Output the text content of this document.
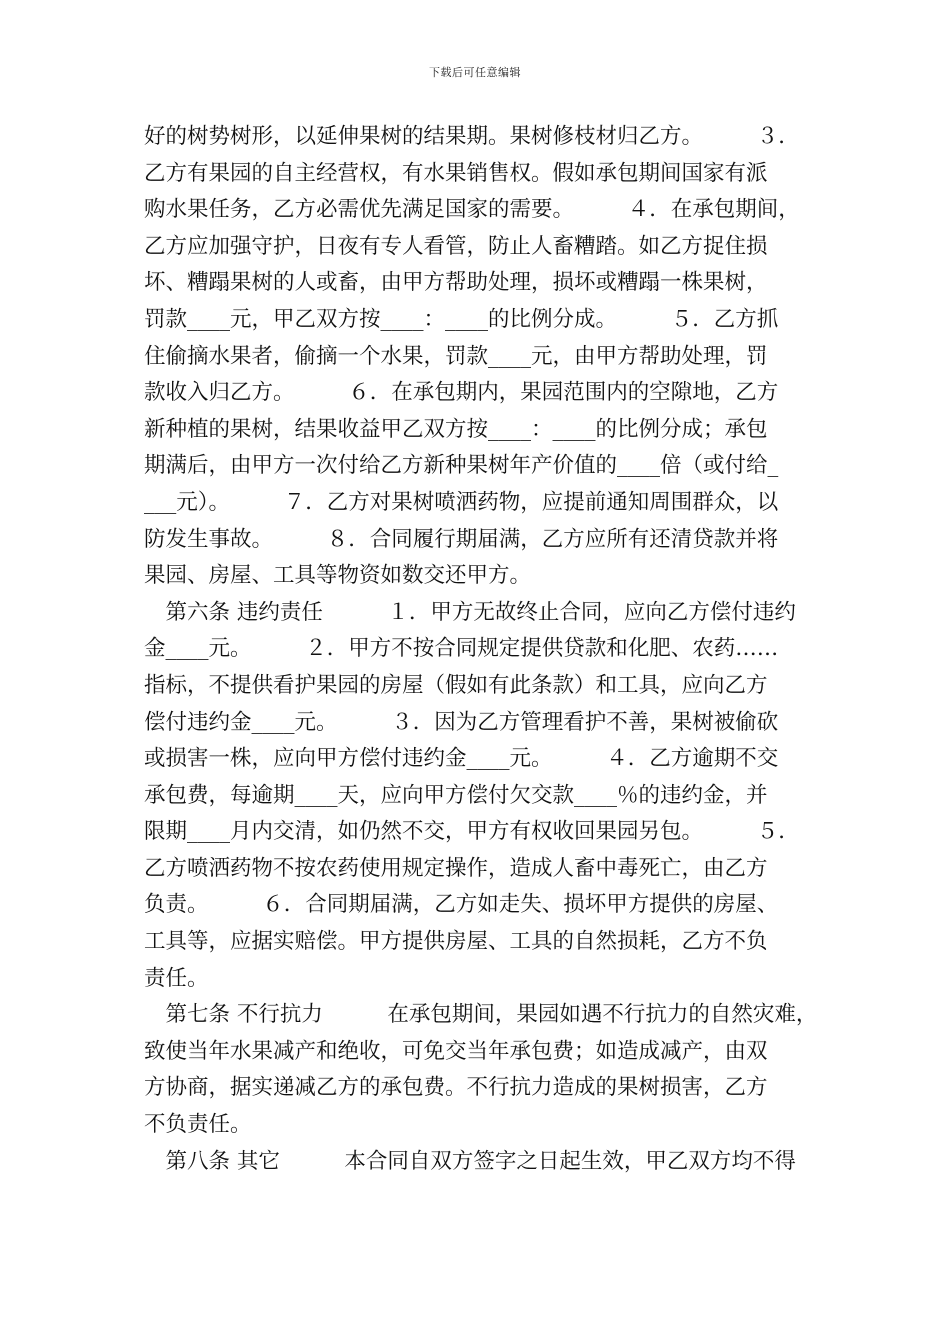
下载后可任意编辑
好的树势树形，以延伸果树的结果期。果树修枝材归乙方。　　　３．
乙方有果园的自主经营权，有水果销售权。假如承包期间国家有派
购水果任务，乙方必需优先满足国家的需要。　　　４．在承包期间，
乙方应加强守护，日夜有专人看管，防止人畜糟踏。如乙方捉住损
坏、糟蹋果树的人或畜，由甲方帮助处理，损坏或糟蹋一株果树，
罚款____元，甲乙双方按____：____的比例分成。　　　５．乙方抓
住偷摘水果者，偷摘一个水果，罚款____元，由甲方帮助处理，罚
款收入归乙方。　　　６．在承包期内，果园范围内的空隙地，乙方
新种植的果树，结果收益甲乙双方按____：____的比例分成；承包
期满后，由甲方一次付给乙方新种果树年产价值的____倍（或付给_
___元）。　　　７．乙方对果树喷洒药物，应提前通知周围群众，以
防发生事故。　　　８．合同履行期届满，乙方应所有还清贷款并将
果园、房屋、工具等物资如数交还甲方。
　第六条 违约责任　　　１．甲方无故终止合同，应向乙方偿付违约
金____元。　　　２．甲方不按合同规定提供贷款和化肥、农药……
指标，不提供看护果园的房屋（假如有此条款）和工具，应向乙方
偿付违约金____元。　　　３．因为乙方管理看护不善，果树被偷砍
或损害一株，应向甲方偿付违约金____元。　　　４．乙方逾期不交
承包费，每逾期____天，应向甲方偿付欠交款____％的违约金，并
限期____月内交清，如仍然不交，甲方有权收回果园另包。　　　５．
乙方喷洒药物不按农药使用规定操作，造成人畜中毒死亡，由乙方
负责。　　　６．合同期届满，乙方如走失、损坏甲方提供的房屋、
工具等，应据实赔偿。甲方提供房屋、工具的自然损耗，乙方不负
责任。
　第七条 不行抗力　　　在承包期间，果园如遇不行抗力的自然灾难，
致使当年水果减产和绝收，可免交当年承包费；如造成减产，由双
方协商，据实递减乙方的承包费。不行抗力造成的果树损害，乙方
不负责任。
　第八条 其它　　　本合同自双方签字之日起生效，甲乙双方均不得
